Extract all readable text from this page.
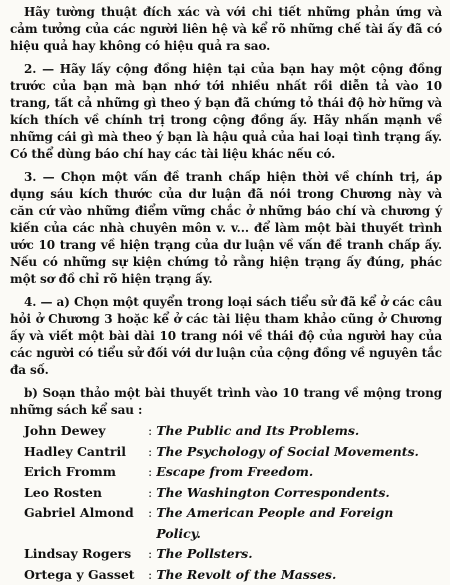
Hãy tường thuật đích xác và với chi tiết những phản ứng và cảm tưởng của các người liên hệ và kể rõ những chế tài ấy đã có hiệu quả hay không có hiệu quả ra sao.

2. — Hãy lấy cộng đồng hiện tại của bạn hay một cộng đồng trước của bạn mà bạn nhớ tới nhiều nhất rồi diễn tả vào 10 trang, tất cả những gì theo ý bạn đã chứng tỏ thái độ hờ hững và kích thích về chính trị trong cộng đồng ấy. Hãy nhấn mạnh về những cái gì mà theo ý bạn là hậu quả của hai loại tình trạng ấy. Có thể dùng báo chí hay các tài liệu khác nếu có.

3. — Chọn một vấn đề tranh chấp hiện thời về chính trị, áp dụng sáu kích thước của dư luận đã nói trong Chương này và căn cứ vào những điểm vững chắc ở những báo chí và chương ý kiến của các nhà chuyên môn v. v... để làm một bài thuyết trình ước 10 trang về hiện trạng của dư luận về vấn đề tranh chấp ấy. Nếu có những sự kiện chứng tỏ rằng hiện trạng ấy đúng, phác một sơ đồ chỉ rõ hiện trạng ấy.

4. — a) Chọn một quyển trong loại sách tiểu sử đã kể ở các câu hỏi ở Chương 3 hoặc kể ở các tài liệu tham khảo cũng ở Chương ấy và viết một bài dài 10 trang nói về thái độ của người hay của các người có tiểu sử đối với dư luận của cộng đồng về nguyên tắc đa số.

b) Soạn thảo một bài thuyết trình vào 10 trang về mộng trong những sách kể sau :

John Dewey	: The Public and Its Problems.
Hadley Cantril	: The Psychology of Social Movements.
Erich Fromm	: Escape from Freedom.
Leo Rosten	: The Washington Correspondents.
Gabriel Almond	: The American People and Foreign Policy.
Lindsay Rogers	: The Pollsters.
Ortega y Gasset	: The Revolt of the Masses.
